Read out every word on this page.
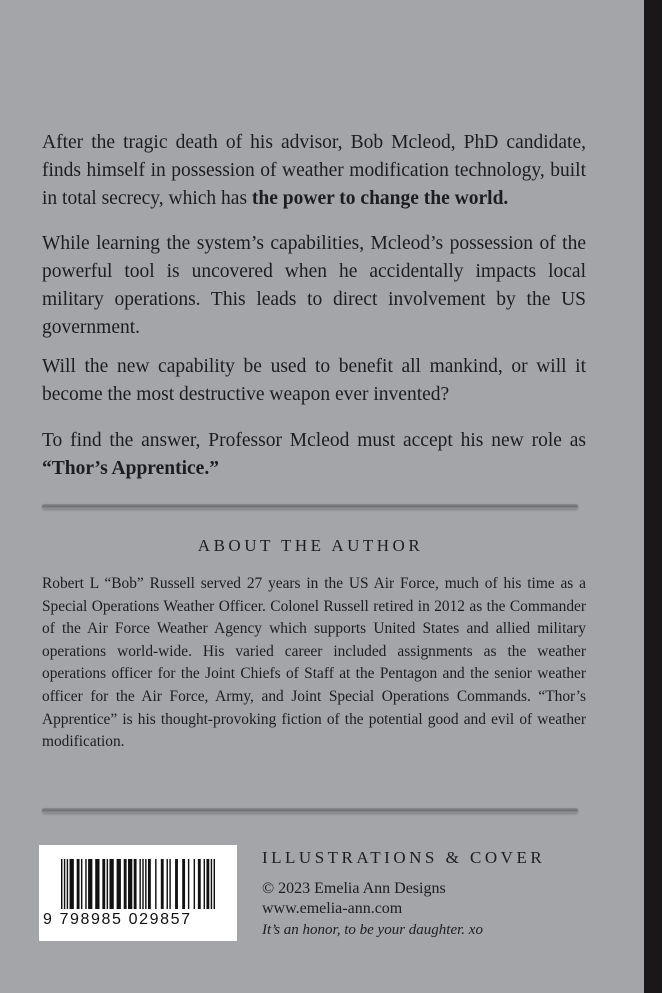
After the tragic death of his advisor, Bob Mcleod, PhD candidate, finds himself in possession of weather modification technology, built in total secrecy, which has the power to change the world.

While learning the system’s capabilities, Mcleod’s possession of the powerful tool is uncovered when he accidentally impacts local military operations. This leads to direct involvement by the US government.

Will the new capability be used to benefit all mankind, or will it become the most destructive weapon ever invented?

To find the answer, Professor Mcleod must accept his new role as “Thor’s Apprentice.”

ABOUT THE AUTHOR

Robert L “Bob” Russell served 27 years in the US Air Force, much of his time as a Special Operations Weather Officer. Colonel Russell retired in 2012 as the Commander of the Air Force Weather Agency which supports United States and allied military operations world-wide. His varied career included assignments as the weather operations officer for the Joint Chiefs of Staff at the Pentagon and the senior weather officer for the Air Force, Army, and Joint Special Operations Commands. “Thor’s Apprentice” is his thought-provoking fiction of the potential good and evil of weather modification.

9 798985 029857
ILLUSTRATIONS & COVER

© 2023 Emelia Ann Designs

www.emelia-ann.com

It’s an honor, to be your daughter. xo
